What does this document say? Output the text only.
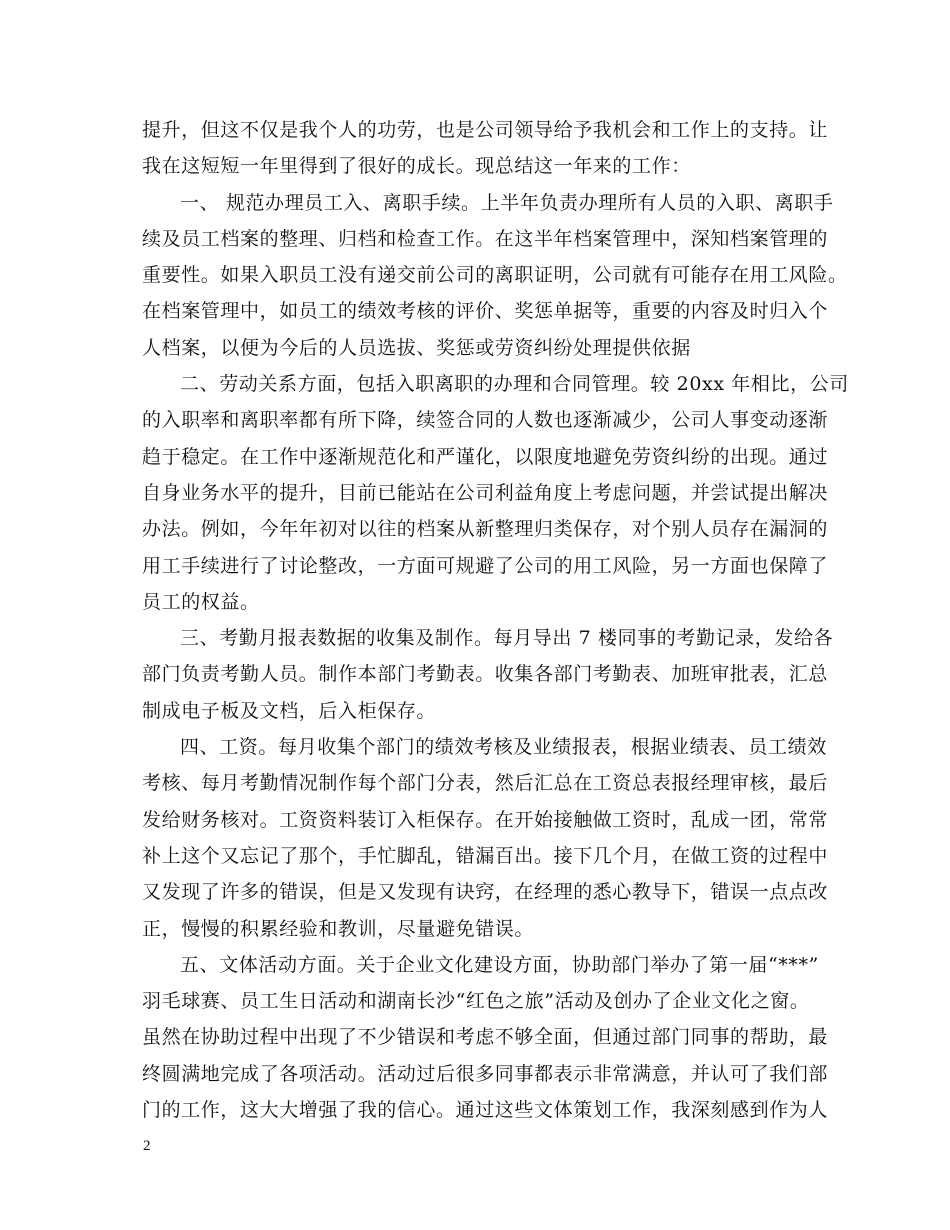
提升，但这不仅是我个人的功劳，也是公司领导给予我机会和工作上的支持。让
我在这短短一年里得到了很好的成长。现总结这一年来的工作：
一、 规范办理员工入、离职手续。上半年负责办理所有人员的入职、离职手
续及员工档案的整理、归档和检查工作。在这半年档案管理中，深知档案管理的
重要性。如果入职员工没有递交前公司的离职证明，公司就有可能存在用工风险。
在档案管理中，如员工的绩效考核的评价、奖惩单据等，重要的内容及时归入个
人档案，以便为今后的人员选拔、奖惩或劳资纠纷处理提供依据
二、劳动关系方面，包括入职离职的办理和合同管理。较 20xx 年相比，公司
的入职率和离职率都有所下降，续签合同的人数也逐渐减少，公司人事变动逐渐
趋于稳定。在工作中逐渐规范化和严谨化，以限度地避免劳资纠纷的出现。通过
自身业务水平的提升，目前已能站在公司利益角度上考虑问题，并尝试提出解决
办法。例如，今年年初对以往的档案从新整理归类保存，对个别人员存在漏洞的
用工手续进行了讨论整改，一方面可规避了公司的用工风险，另一方面也保障了
员工的权益。
三、考勤月报表数据的收集及制作。每月导出 7 楼同事的考勤记录，发给各
部门负责考勤人员。制作本部门考勤表。收集各部门考勤表、加班审批表，汇总
制成电子板及文档，后入柜保存。
四、工资。每月收集个部门的绩效考核及业绩报表，根据业绩表、员工绩效
考核、每月考勤情况制作每个部门分表，然后汇总在工资总表报经理审核，最后
发给财务核对。工资资料装订入柜保存。在开始接触做工资时，乱成一团，常常
补上这个又忘记了那个，手忙脚乱，错漏百出。接下几个月，在做工资的过程中
又发现了许多的错误，但是又发现有诀窍，在经理的悉心教导下，错误一点点改
正，慢慢的积累经验和教训，尽量避免错误。
五、文体活动方面。关于企业文化建设方面，协助部门举办了第一届“***”
羽毛球赛、员工生日活动和湖南长沙“红色之旅”活动及创办了企业文化之窗。
虽然在协助过程中出现了不少错误和考虑不够全面，但通过部门同事的帮助，最
终圆满地完成了各项活动。活动过后很多同事都表示非常满意，并认可了我们部
门的工作，这大大增强了我的信心。通过这些文体策划工作，我深刻感到作为人
2
